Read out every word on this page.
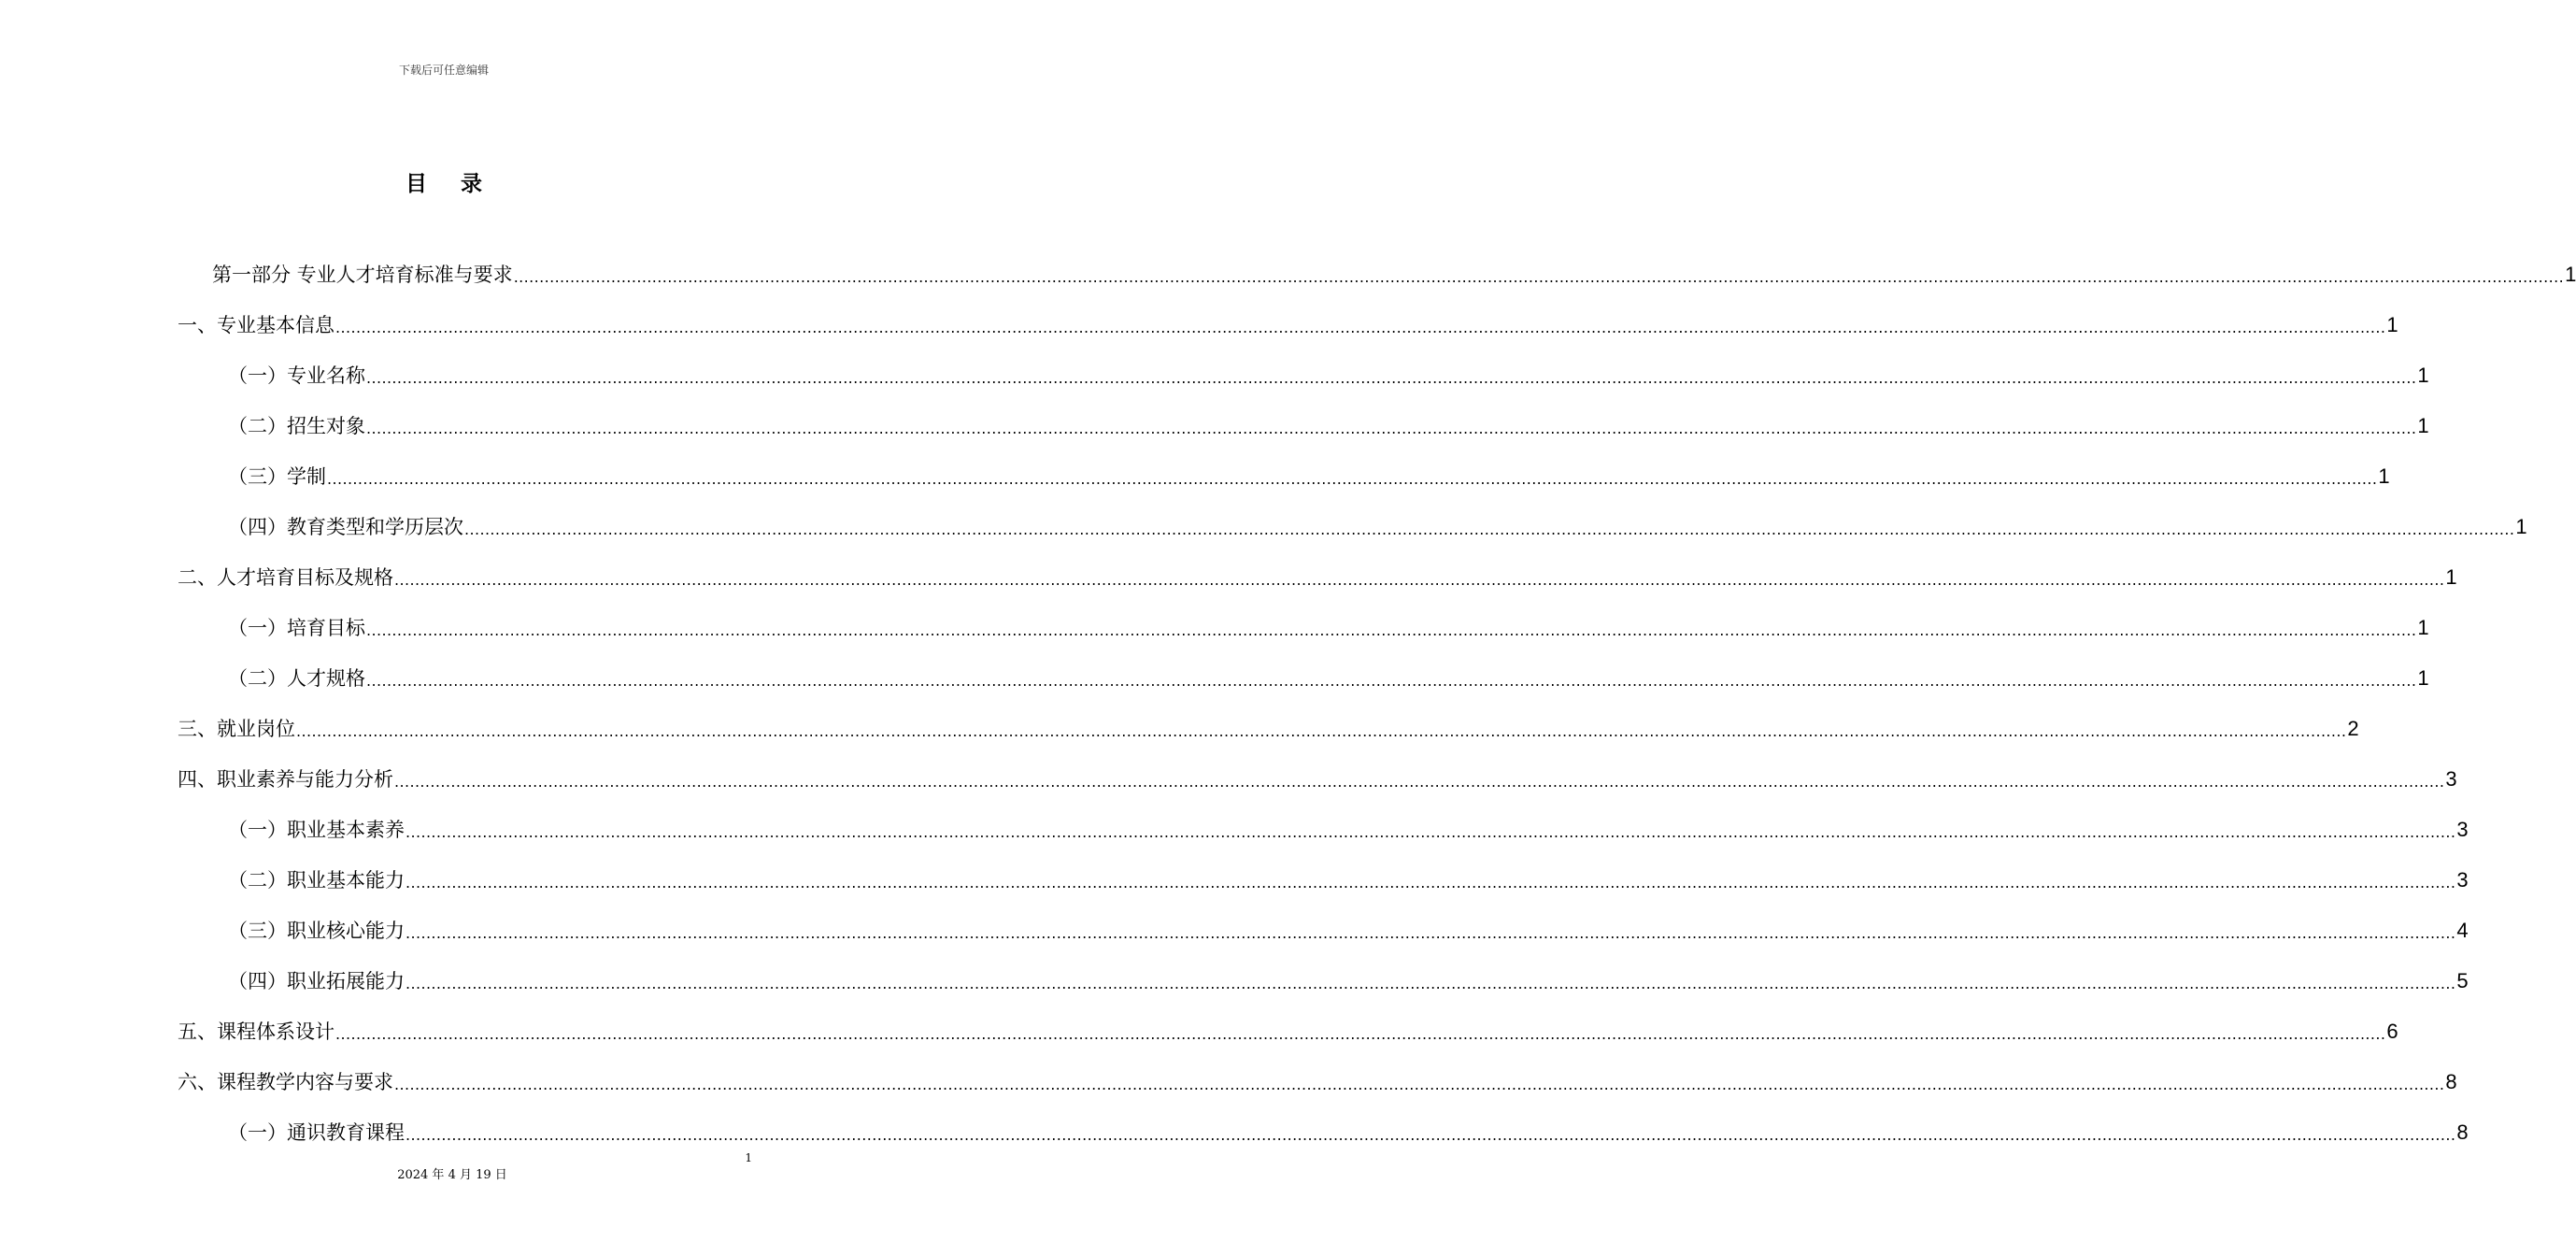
下载后可任意编辑
目 录
第一部分 专业人才培育标准与要求 ................................................................................................................................................................................................................................................................................................................................................................................................................ 1
一、专业基本信息 ................................................................................................................................................................................................................................................................................................................................................................................................................ 1
（一）专业名称 ................................................................................................................................................................................................................................................................................................................................................................................................................ 1
（二）招生对象 ................................................................................................................................................................................................................................................................................................................................................................................................................ 1
（三）学制 ................................................................................................................................................................................................................................................................................................................................................................................................................ 1
（四）教育类型和学历层次 ................................................................................................................................................................................................................................................................................................................................................................................................................ 1
二、人才培育目标及规格 ................................................................................................................................................................................................................................................................................................................................................................................................................ 1
（一）培育目标 ................................................................................................................................................................................................................................................................................................................................................................................................................ 1
（二）人才规格 ................................................................................................................................................................................................................................................................................................................................................................................................................ 1
三、就业岗位 ................................................................................................................................................................................................................................................................................................................................................................................................................ 2
四、职业素养与能力分析 ................................................................................................................................................................................................................................................................................................................................................................................................................ 3
（一）职业基本素养 ................................................................................................................................................................................................................................................................................................................................................................................................................ 3
（二）职业基本能力 ................................................................................................................................................................................................................................................................................................................................................................................................................ 3
（三）职业核心能力 ................................................................................................................................................................................................................................................................................................................................................................................................................ 4
（四）职业拓展能力 ................................................................................................................................................................................................................................................................................................................................................................................................................ 5
五、课程体系设计 ................................................................................................................................................................................................................................................................................................................................................................................................................ 6
六、课程教学内容与要求 ................................................................................................................................................................................................................................................................................................................................................................................................................ 8
（一）通识教育课程 ................................................................................................................................................................................................................................................................................................................................................................................................................ 8
1
2024 年 4 月 19 日
